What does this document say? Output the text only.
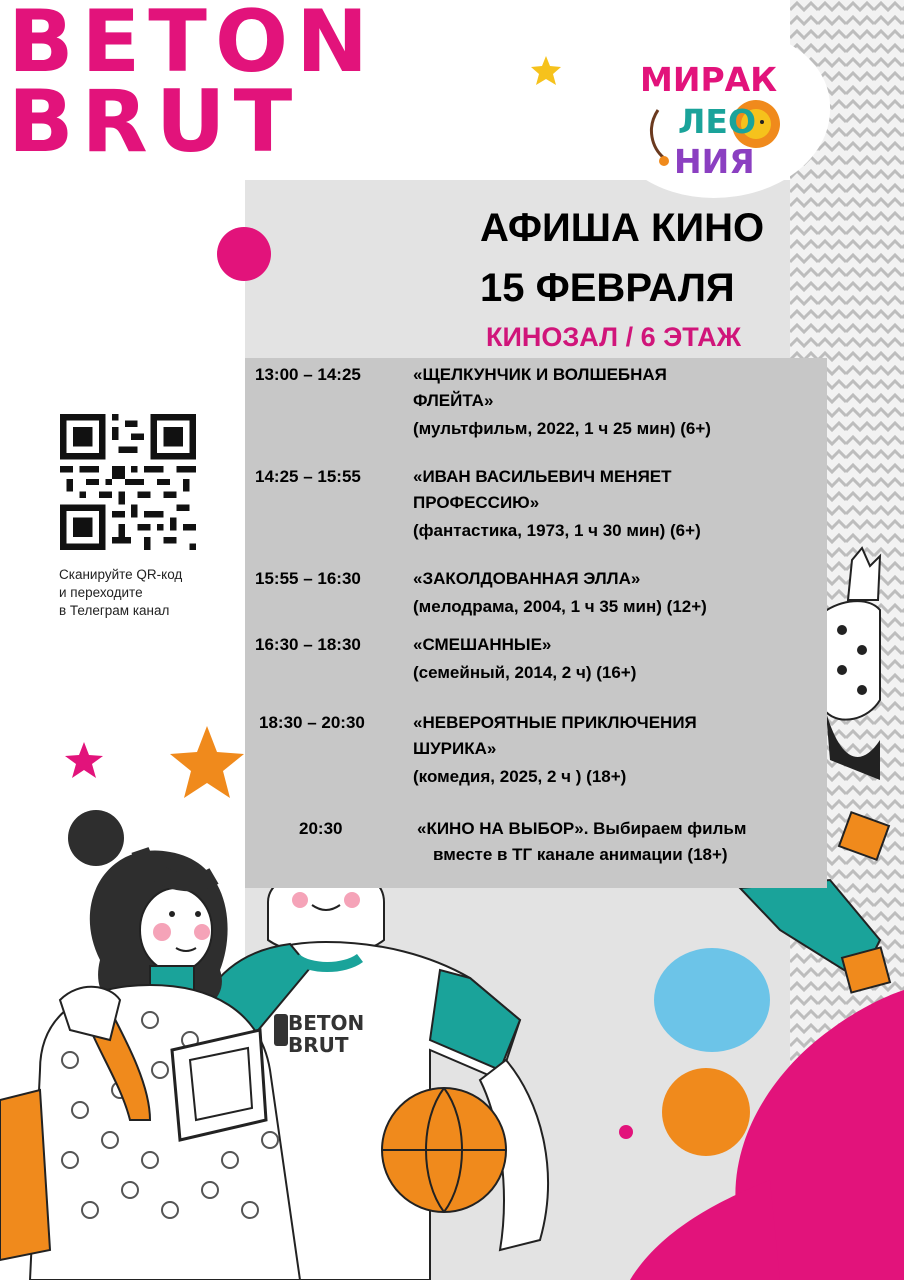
BETON
BRUT	МИРАК
ЛЕО
НИЯ
АФИША КИНО
15 ФЕВРАЛЯ
КИНОЗАЛ / 6 ЭТАЖ
13:00 – 14:25	«ЩЕЛКУНЧИК И ВОЛШЕБНАЯ
ФЛЕЙТА»
(мультфильм, 2022, 1 ч 25 мин) (6+)
14:25 – 15:55	«ИВАН ВАСИЛЬЕВИЧ МЕНЯЕТ
ПРОФЕССИЮ»
(фантастика, 1973, 1 ч 30 мин) (6+)
15:55 – 16:30	«ЗАКОЛДОВАННАЯ ЭЛЛА»
(мелодрама, 2004, 1 ч 35 мин) (12+)
16:30 – 18:30	«СМЕШАННЫЕ»
(семейный, 2014, 2 ч) (16+)
18:30 – 20:30	«НЕВЕРОЯТНЫЕ ПРИКЛЮЧЕНИЯ
ШУРИКА»
(комедия, 2025, 2 ч ) (18+)
20:30	«КИНО НА ВЫБОР». Выбираем фильм
вместе в ТГ канале анимации (18+)
Сканируйте QR-код
и переходите
в Телеграм канал
BETON
BRUT
